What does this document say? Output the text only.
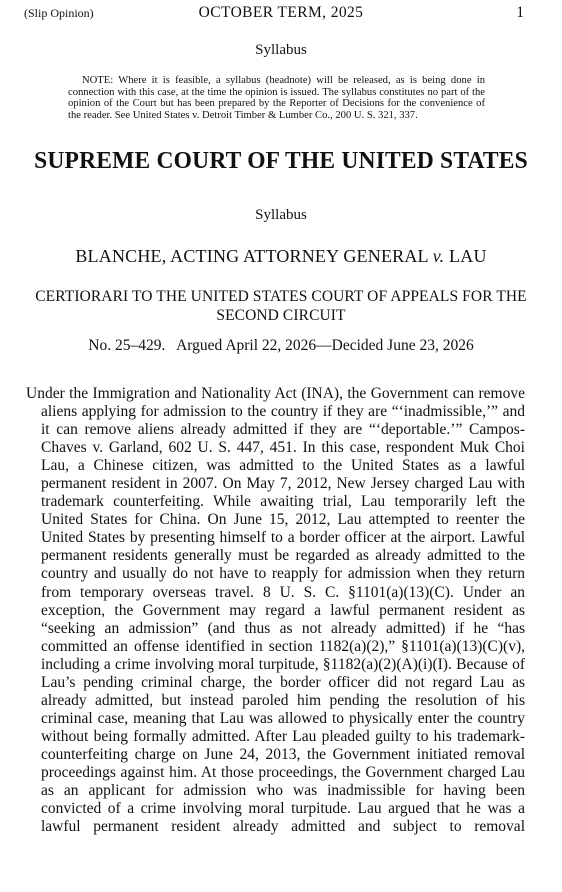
(Slip Opinion)	OCTOBER TERM, 2025	1
Syllabus

NOTE: Where it is feasible, a syllabus (headnote) will be released, as is being done in connection with this case, at the time the opinion is issued. The syllabus constitutes no part of the opinion of the Court but has been prepared by the Reporter of Decisions for the convenience of the reader. See United States v. Detroit Timber & Lumber Co., 200 U. S. 321, 337.

SUPREME COURT OF THE UNITED STATES
Syllabus
BLANCHE, ACTING ATTORNEY GENERAL v. LAU
CERTIORARI TO THE UNITED STATES COURT OF APPEALS FOR THE SECOND CIRCUIT
No. 25–429.   Argued April 22, 2026—Decided June 23, 2026

Under the Immigration and Nationality Act (INA), the Government can remove aliens applying for admission to the country if they are “‘inadmissible,’” and it can remove aliens already admitted if they are “‘deportable.’” Campos-Chaves v. Garland, 602 U. S. 447, 451. In this case, respondent Muk Choi Lau, a Chinese citizen, was admitted to the United States as a lawful permanent resident in 2007. On May 7, 2012, New Jersey charged Lau with trademark counterfeiting. While awaiting trial, Lau temporarily left the United States for China. On June 15, 2012, Lau attempted to reenter the United States by presenting himself to a border officer at the airport. Lawful permanent residents generally must be regarded as already admitted to the country and usually do not have to reapply for admission when they return from temporary overseas travel. 8 U. S. C. §1101(a)(13)(C). Under an exception, the Government may regard a lawful permanent resident as “seeking an admission” (and thus as not already admitted) if he “has committed an offense identified in section 1182(a)(2),” §1101(a)(13)(C)(v), including a crime involving moral turpitude, §1182(a)(2)(A)(i)(I). Because of Lau’s pending criminal charge, the border officer did not regard Lau as already admitted, but instead paroled him pending the resolution of his criminal case, meaning that Lau was allowed to physically enter the country without being formally admitted. After Lau pleaded guilty to his trademark-counterfeiting charge on June 24, 2013, the Government initiated removal proceedings against him. At those proceedings, the Government charged Lau as an applicant for admission who was inadmissible for having been convicted of a crime involving moral turpitude. Lau argued that he was a lawful permanent resident already admitted and subject to removal
